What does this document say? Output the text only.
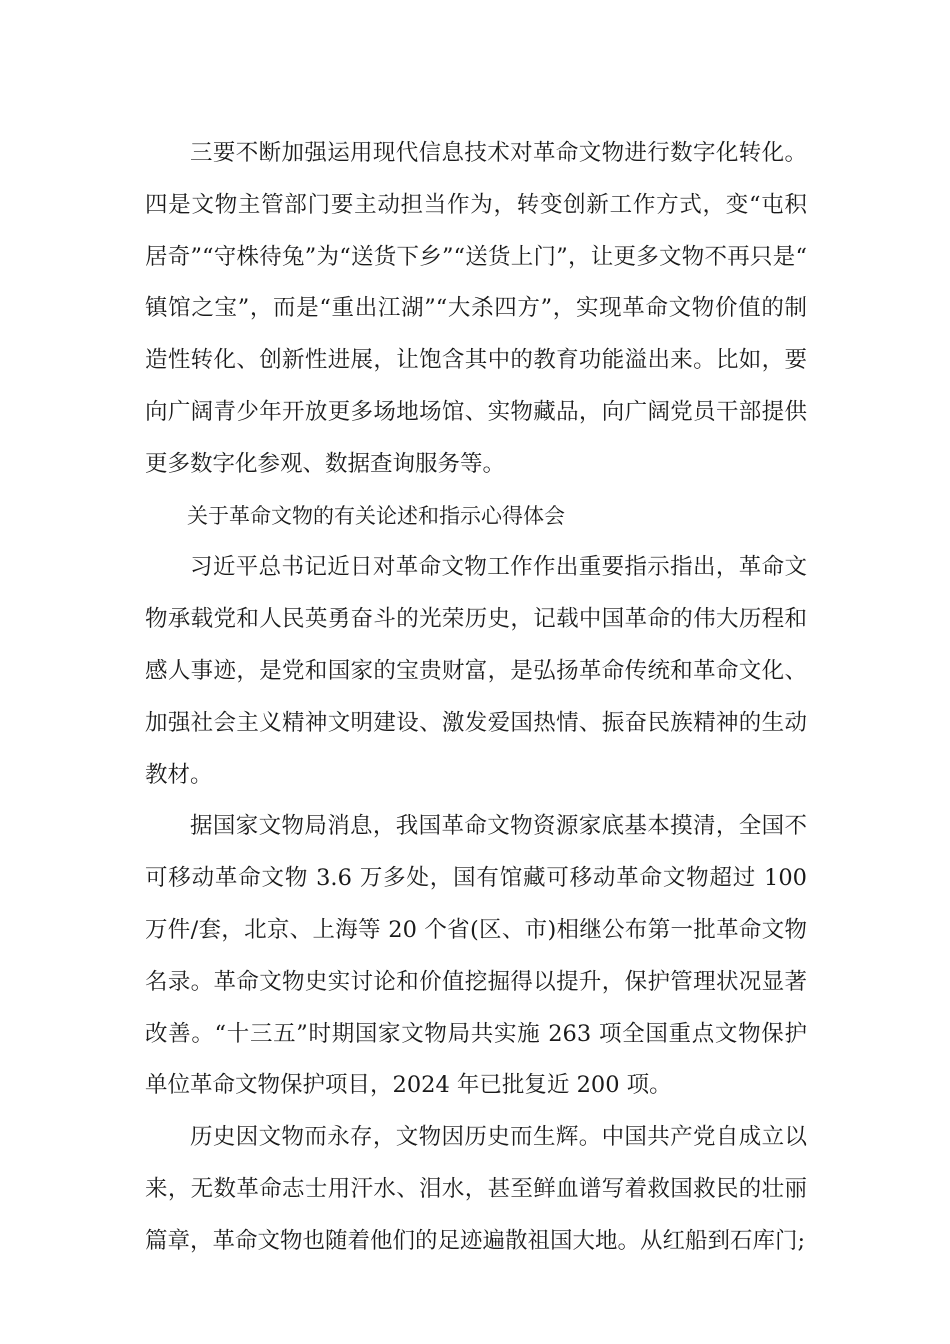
三要不断加强运用现代信息技术对革命文物进行数字化转化。四是文物主管部门要主动担当作为，转变创新工作方式，变“屯积居奇”“守株待兔”为“送货下乡”“送货上门”，让更多文物不再只是“镇馆之宝”，而是“重出江湖”“大杀四方”，实现革命文物价值的制造性转化、创新性进展，让饱含其中的教育功能溢出来。比如，要向广阔青少年开放更多场地场馆、实物藏品，向广阔党员干部提供更多数字化参观、数据查询服务等。

关于革命文物的有关论述和指示心得体会

习近平总书记近日对革命文物工作作出重要指示指出，革命文物承载党和人民英勇奋斗的光荣历史，记载中国革命的伟大历程和感人事迹，是党和国家的宝贵财富，是弘扬革命传统和革命文化、加强社会主义精神文明建设、激发爱国热情、振奋民族精神的生动教材。

据国家文物局消息，我国革命文物资源家底基本摸清，全国不可移动革命文物 3.6 万多处，国有馆藏可移动革命文物超过 100 万件/套，北京、上海等 20 个省(区、市)相继公布第一批革命文物名录。革命文物史实讨论和价值挖掘得以提升，保护管理状况显著改善。“十三五”时期国家文物局共实施 263 项全国重点文物保护单位革命文物保护项目，2024 年已批复近 200 项。

历史因文物而永存，文物因历史而生辉。中国共产党自成立以来，无数革命志士用汗水、泪水，甚至鲜血谱写着救国救民的壮丽篇章，革命文物也随着他们的足迹遍散祖国大地。从红船到石库门;
